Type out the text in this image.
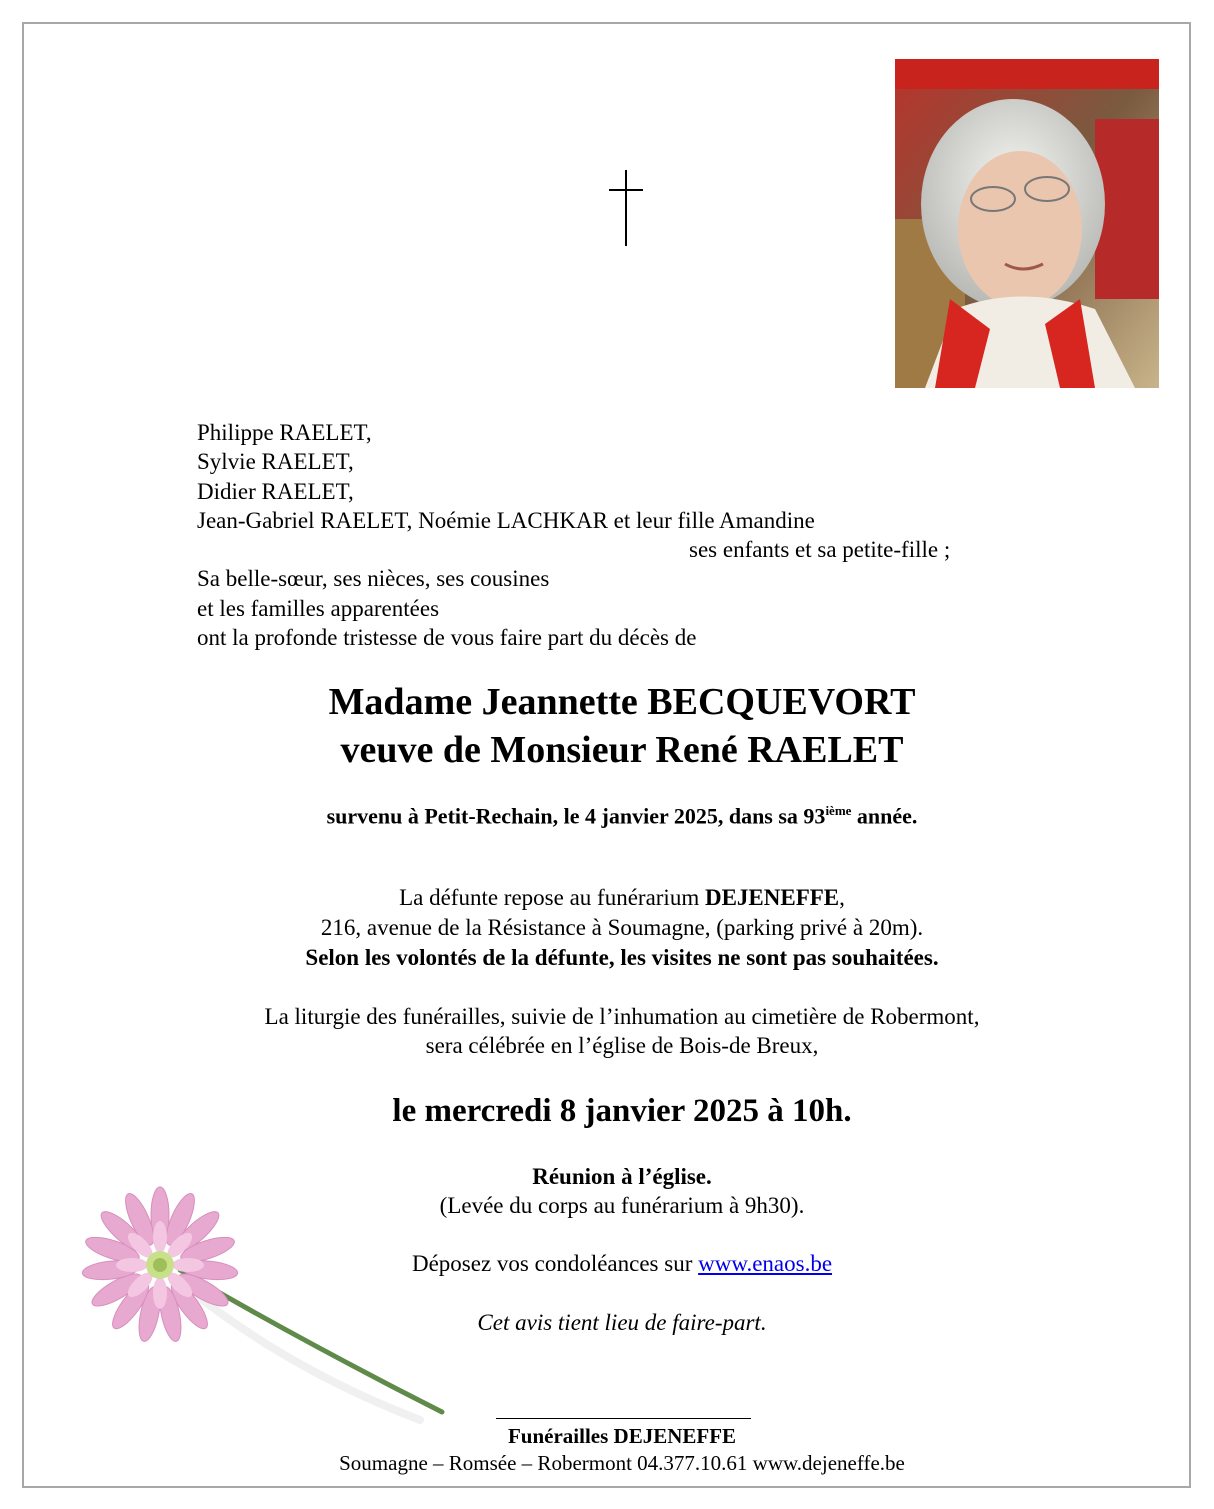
Philippe RAELET,
Sylvie RAELET,
Didier RAELET,
Jean-Gabriel RAELET, Noémie LACHKAR et leur fille Amandine
ses enfants et sa petite-fille ;
Sa belle-sœur, ses nièces, ses cousines
et les familles apparentées
ont la profonde tristesse de vous faire part du décès de
Madame Jeannette BECQUEVORT
veuve de Monsieur René RAELET
survenu à Petit-Rechain, le 4 janvier 2025, dans sa 93ième année.
La défunte repose au funérarium DEJENEFFE,
216, avenue de la Résistance à Soumagne, (parking privé à 20m).
Selon les volontés de la défunte, les visites ne sont pas souhaitées.
La liturgie des funérailles, suivie de l’inhumation au cimetière de Robermont,
sera célébrée en l’église de Bois-de Breux,
le mercredi 8 janvier 2025 à 10h.
Réunion à l’église.
(Levée du corps au funérarium à 9h30).
Déposez vos condoléances sur www.enaos.be
Cet avis tient lieu de faire-part.
Funérailles DEJENEFFE
Soumagne – Romsée – Robermont 04.377.10.61 www.dejeneffe.be
